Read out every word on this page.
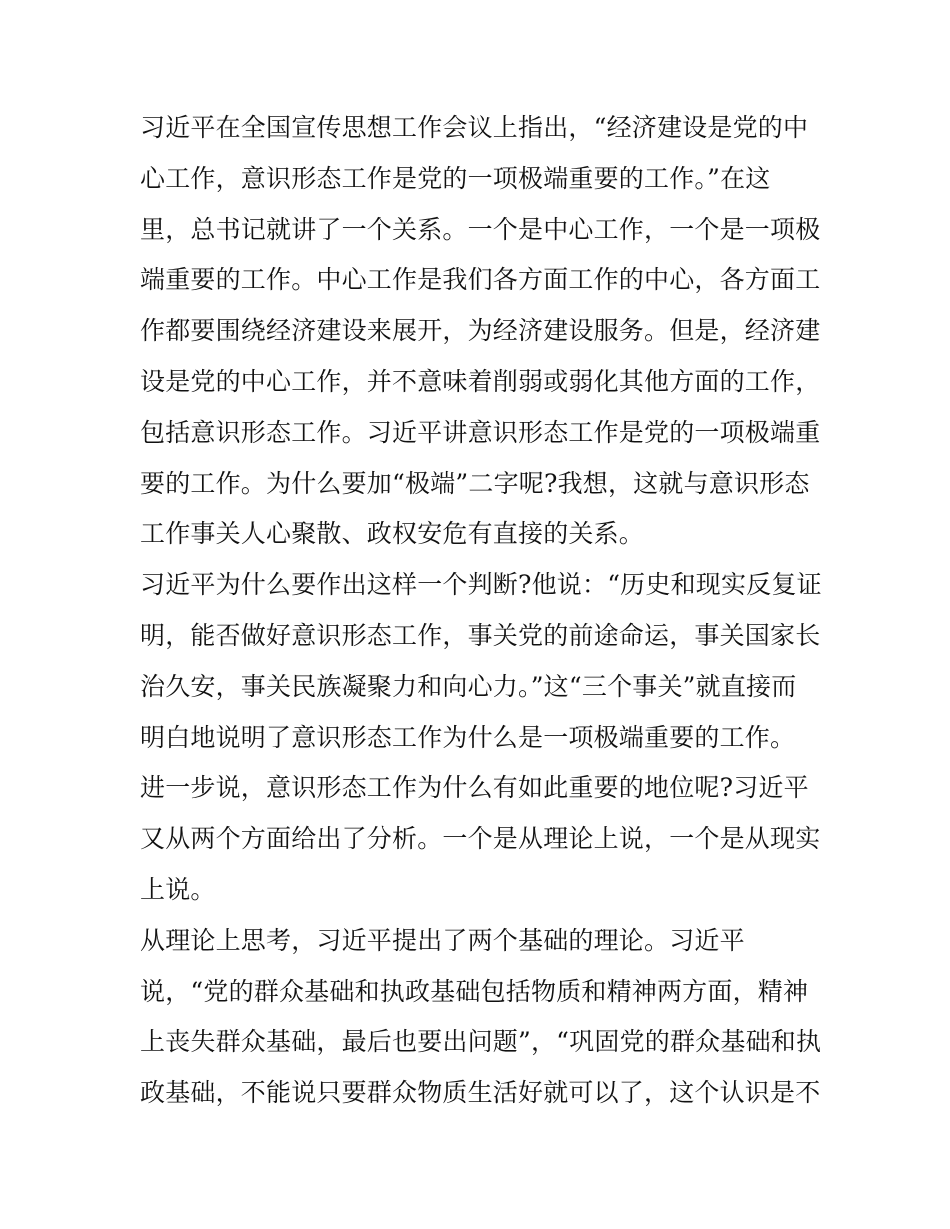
习近平在全国宣传思想工作会议上指出，“经济建设是党的中
心工作，意识形态工作是党的一项极端重要的工作。”在这
里，总书记就讲了一个关系。一个是中心工作，一个是一项极
端重要的工作。中心工作是我们各方面工作的中心，各方面工
作都要围绕经济建设来展开，为经济建设服务。但是，经济建
设是党的中心工作，并不意味着削弱或弱化其他方面的工作，
包括意识形态工作。习近平讲意识形态工作是党的一项极端重
要的工作。为什么要加“极端”二字呢?我想，这就与意识形态
工作事关人心聚散、政权安危有直接的关系。
习近平为什么要作出这样一个判断?他说：“历史和现实反复证
明，能否做好意识形态工作，事关党的前途命运，事关国家长
治久安，事关民族凝聚力和向心力。”这“三个事关”就直接而
明白地说明了意识形态工作为什么是一项极端重要的工作。
进一步说，意识形态工作为什么有如此重要的地位呢?习近平
又从两个方面给出了分析。一个是从理论上说，一个是从现实
上说。
从理论上思考，习近平提出了两个基础的理论。习近平
说，“党的群众基础和执政基础包括物质和精神两方面，精神
上丧失群众基础，最后也要出问题”，“巩固党的群众基础和执
政基础，不能说只要群众物质生活好就可以了，这个认识是不
